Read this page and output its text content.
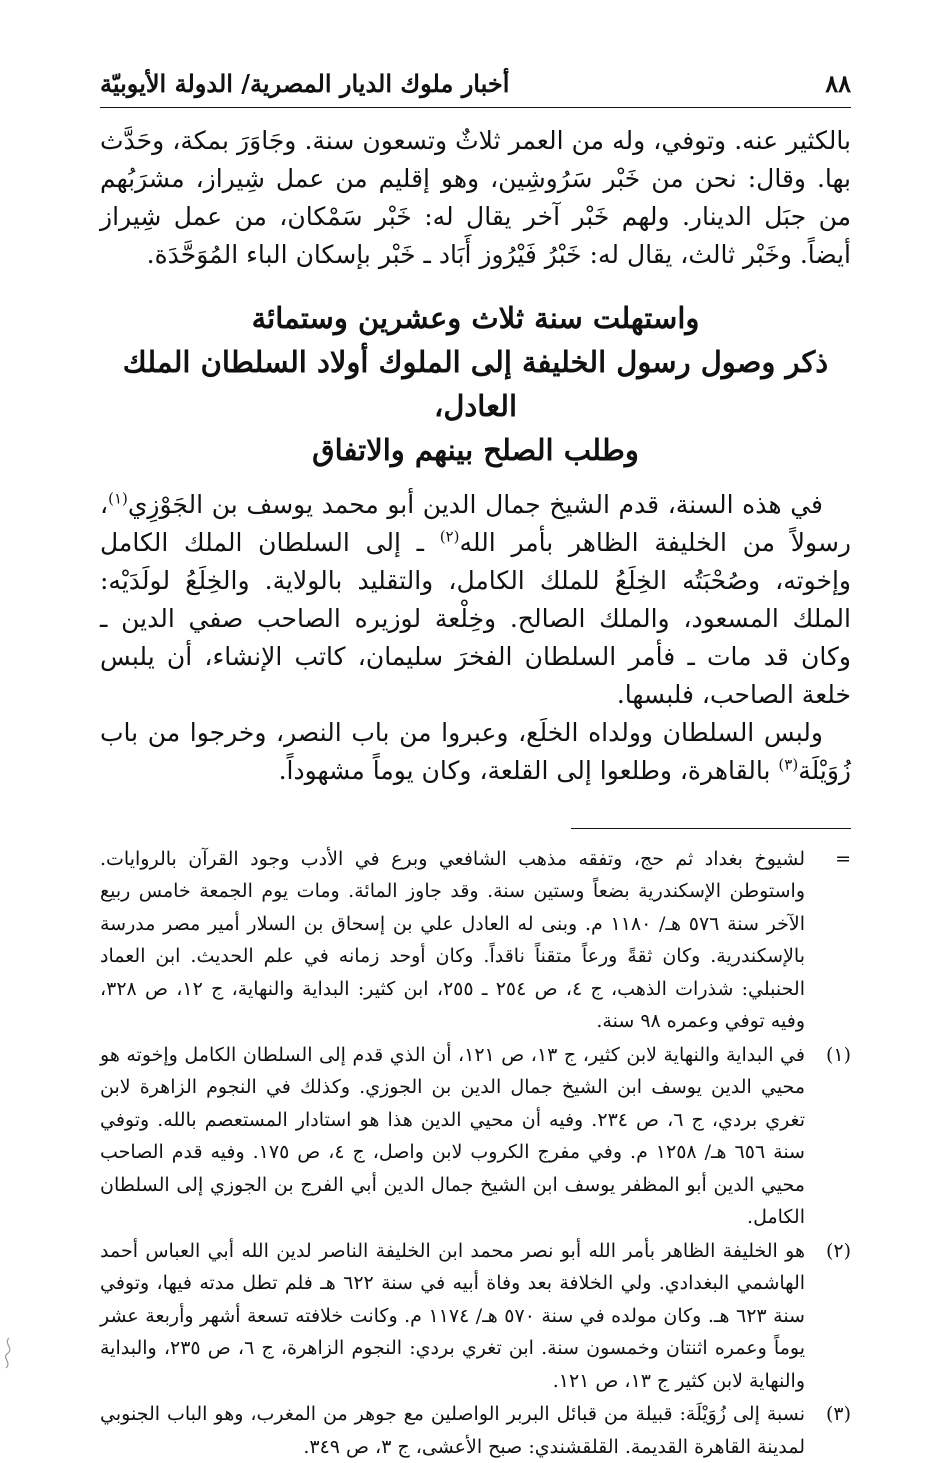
٨٨
أخبار ملوك الديار المصرية/ الدولة الأيوبيّة

بالكثير عنه. وتوفي، وله من العمر ثلاثٌ وتسعون سنة. وجَاوَرَ بمكة، وحَدَّث بها. وقال: نحن من خَبْر سَرُوشِين، وهو إقليم من عمل شِيراز، مشرَبُهم من جبَل الدينار. ولهم خَبْر آخر يقال له: خَبْر سَمْكان، من عمل شِيراز أيضاً. وخَبْر ثالث، يقال له: خَبْرُ فَيْرُوز أَبَاد ـ خَبْر بإسكان الباء المُوَحَّدَة.

واستهلت سنة ثلاث وعشرين وستمائة
ذكر وصول رسول الخليفة إلى الملوك أولاد السلطان الملك العادل،
وطلب الصلح بينهم والاتفاق

في هذه السنة، قدم الشيخ جمال الدين أبو محمد يوسف بن الجَوْزِي$^{(١)}$، رسولاً من الخليفة الظاهر بأمر الله$^{(٢)}$ ـ إلى السلطان الملك الكامل وإخوته، وصُحْبَتُه الخِلَعُ للملك الكامل، والتقليد بالولاية. والخِلَعُ لولَدَيْه: الملك المسعود، والملك الصالح. وخِلْعة لوزيره الصاحب صفي الدين ـ وكان قد مات ـ فأمر السلطان الفخرَ سليمان، كاتب الإنشاء، أن يلبس خلعة الصاحب، فلبسها.

ولبس السلطان وولداه الخلَع، وعبروا من باب النصر، وخرجوا من باب زُوَيْلَة$^{(٣)}$ بالقاهرة، وطلعوا إلى القلعة، وكان يوماً مشهوداً.

=

لشيوخ بغداد ثم حج، وتفقه مذهب الشافعي وبرع في الأدب وجود القرآن بالروايات. واستوطن الإسكندرية بضعاً وستين سنة. وقد جاوز المائة. ومات يوم الجمعة خامس ربيع الآخر سنة ٥٧٦ هـ/ ١١٨٠ م. وبنى له العادل علي بن إسحاق بن السلار أمير مصر مدرسة بالإسكندرية. وكان ثقةً ورعاً متقناً ناقداً. وكان أوحد زمانه في علم الحديث. ابن العماد الحنبلي: شذرات الذهب، ج ٤، ص ٢٥٤ ـ ٢٥٥، ابن كثير: البداية والنهاية، ج ١٢، ص ٣٢٨، وفيه توفي وعمره ٩٨ سنة.

(١)

في البداية والنهاية لابن كثير، ج ١٣، ص ١٢١، أن الذي قدم إلى السلطان الكامل وإخوته هو محيي الدين يوسف ابن الشيخ جمال الدين بن الجوزي. وكذلك في النجوم الزاهرة لابن تغري بردي، ج ٦، ص ٢٣٤. وفيه أن محيي الدين هذا هو استادار المستعصم بالله. وتوفي سنة ٦٥٦ هـ/ ١٢٥٨ م. وفي مفرج الكروب لابن واصل، ج ٤، ص ١٧٥. وفيه قدم الصاحب محيي الدين أبو المظفر يوسف ابن الشيخ جمال الدين أبي الفرج بن الجوزي إلى السلطان الكامل.

(٢)

هو الخليفة الظاهر بأمر الله أبو نصر محمد ابن الخليفة الناصر لدين الله أبي العباس أحمد الهاشمي البغدادي. ولي الخلافة بعد وفاة أبيه في سنة ٦٢٢ هـ فلم تطل مدته فيها، وتوفي سنة ٦٢٣ هـ. وكان مولده في سنة ٥٧٠ هـ/ ١١٧٤ م. وكانت خلافته تسعة أشهر وأربعة عشر يوماً وعمره اثنتان وخمسون سنة. ابن تغري بردي: النجوم الزاهرة، ج ٦، ص ٢٣٥، والبداية والنهاية لابن كثير ج ١٣، ص ١٢١.

(٣)

نسبة إلى زُوَيْلَة: قبيلة من قبائل البربر الواصلين مع جوهر من المغرب، وهو الباب الجنوبي لمدينة القاهرة القديمة. القلقشندي: صبح الأعشى، ج ٣، ص ٣٤٩.
